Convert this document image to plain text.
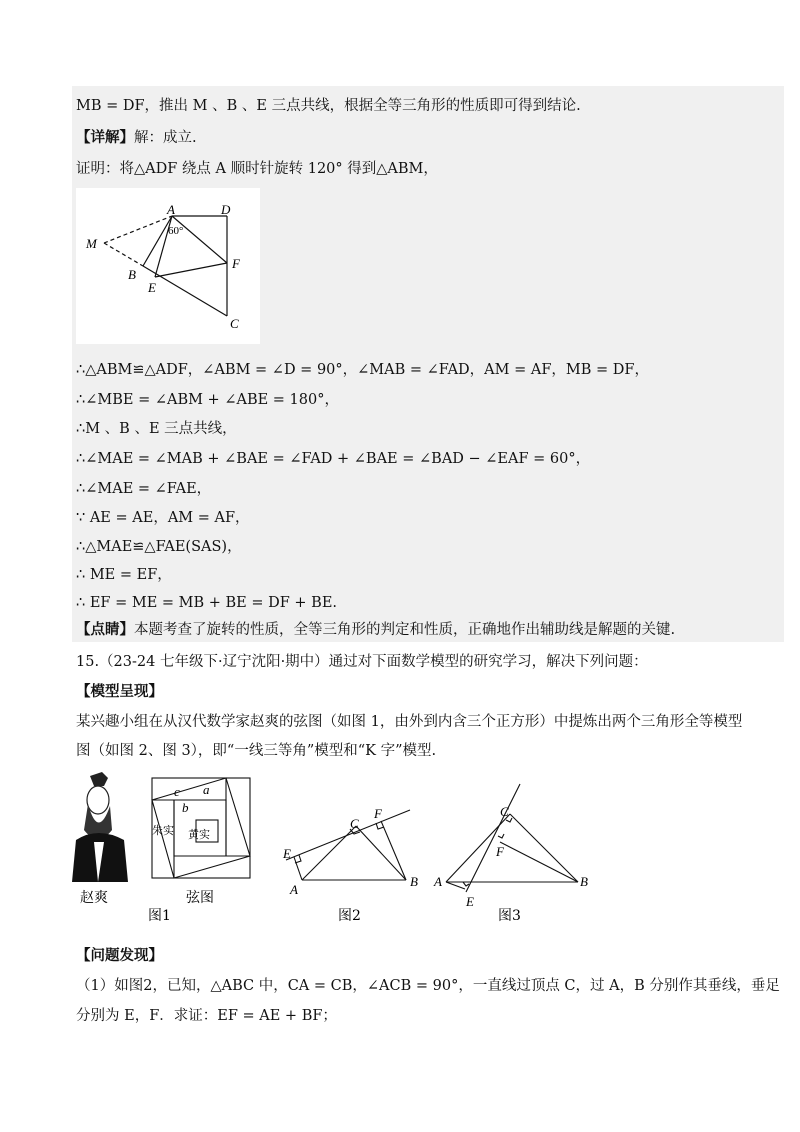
MB = DF，推出 M 、B 、E 三点共线，根据全等三角形的性质即可得到结论.
【详解】解：成立.
证明：将△ADF 绕点 A 顺时针旋转 120° 得到△ABM，
A	D
M
F
B
E
C
60°
∴△ABM≌△ADF，∠ABM = ∠D = 90°，∠MAB = ∠FAD，AM = AF，MB = DF，
∴∠MBE = ∠ABM + ∠ABE = 180°，
∴M 、B 、E 三点共线，
∴∠MAE = ∠MAB + ∠BAE = ∠FAD + ∠BAE = ∠BAD − ∠EAF = 60°，
∴∠MAE = ∠FAE，
∵ AE = AE，AM = AF，
∴△MAE≌△FAE(SAS)，
∴ ME = EF，
∴ EF = ME = MB + BE = DF + BE.
【点睛】本题考查了旋转的性质，全等三角形的判定和性质，正确地作出辅助线是解题的关键.
15.（23-24 七年级下·辽宁沈阳·期中）通过对下面数学模型的研究学习，解决下列问题：
【模型呈现】
某兴趣小组在从汉代数学家赵爽的弦图（如图 1，由外到内含三个正方形）中提炼出两个三角形全等模型
图（如图 2、图 3），即“一线三等角”模型和“K 字”模型.
赵爽
c a
b
朱实 黄实
弦图
图1
E
A
C
F
B
图2
A
C
F
E
B
图3
【问题发现】
（1）如图2，已知，△ABC 中，CA = CB，∠ACB = 90°，一直线过顶点 C，过 A，B 分别作其垂线，垂足
分别为 E，F．求证：EF = AE + BF；
